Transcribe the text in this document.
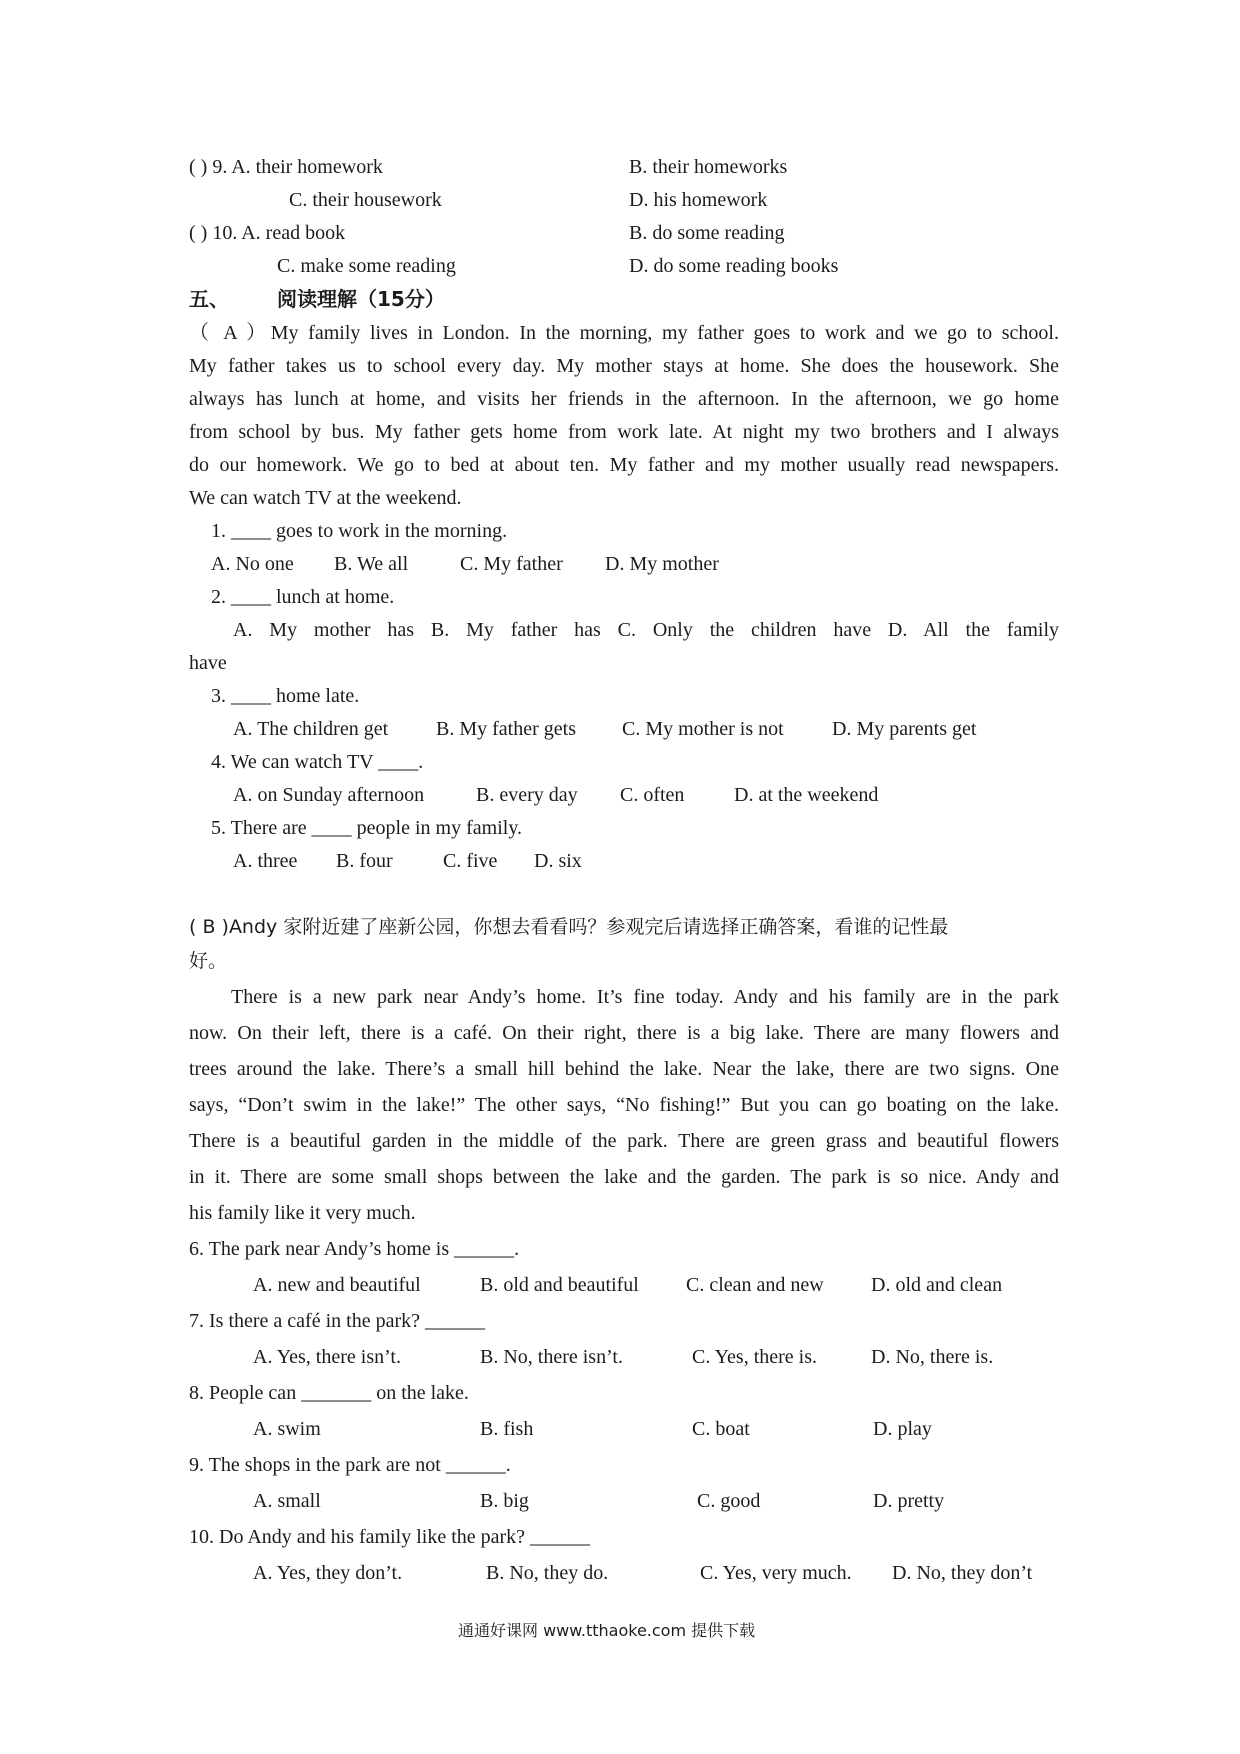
( ) 9. A. their homework	B. their homeworks
C. their housework	D. his homework
( ) 10. A. read book	B. do some reading
C. make some reading	D. do some reading books
五、 阅读理解（15分）
（ A ）My family lives in London. In the morning, my father goes to work and we go to school.
My father takes us to school every day. My mother stays at home. She does the housework. She
always has lunch at home, and visits her friends in the afternoon. In the afternoon, we go home
from school by bus. My father gets home from work late. At night my two brothers and I always
do our homework. We go to bed at about ten. My father and my mother usually read newspapers.
We can watch TV at the weekend.
1. ____ goes to work in the morning.
A. No one B. We all	C. My father D. My mother
2. ____ lunch at home.
A. My mother has B. My father has C. Only the children have D. All the family
have
3. ____ home late.
A. The children get B. My father gets C. My mother is not D. My parents get
4. We can watch TV ____.
A. on Sunday afternoon	B. every day C. often D. at the weekend
5. There are ____ people in my family.
A. three B. four	C. five D. six
( B )Andy 家附近建了座新公园，你想去看看吗？参观完后请选择正确答案，看谁的记性最
好。
There is a new park near Andy’s home. It’s fine today. Andy and his family are in the park
now. On their left, there is a café. On their right, there is a big lake. There are many flowers and
trees around the lake. There’s a small hill behind the lake. Near the lake, there are two signs. One
says, “Don’t swim in the lake!” The other says, “No fishing!” But you can go boating on the lake.
There is a beautiful garden in the middle of the park. There are green grass and beautiful flowers
in it. There are some small shops between the lake and the garden. The park is so nice. Andy and
his family like it very much.
6. The park near Andy’s home is ______.
A. new and beautiful	B. old and beautiful C. clean and new D. old and clean
7. Is there a café in the park? ______
A. Yes, there isn’t.	B. No, there isn’t.	C. Yes, there is.	D. No, there is.
8. People can _______ on the lake.
A. swim	B. fish	C. boat	D. play
9. The shops in the park are not ______.
A. small	B. big	C. good	D. pretty
10. Do Andy and his family like the park? ______
A. Yes, they don’t.	B. No, they do.	C. Yes, very much. D. No, they don’t
通通好课网 www.tthaoke.com 提供下载
